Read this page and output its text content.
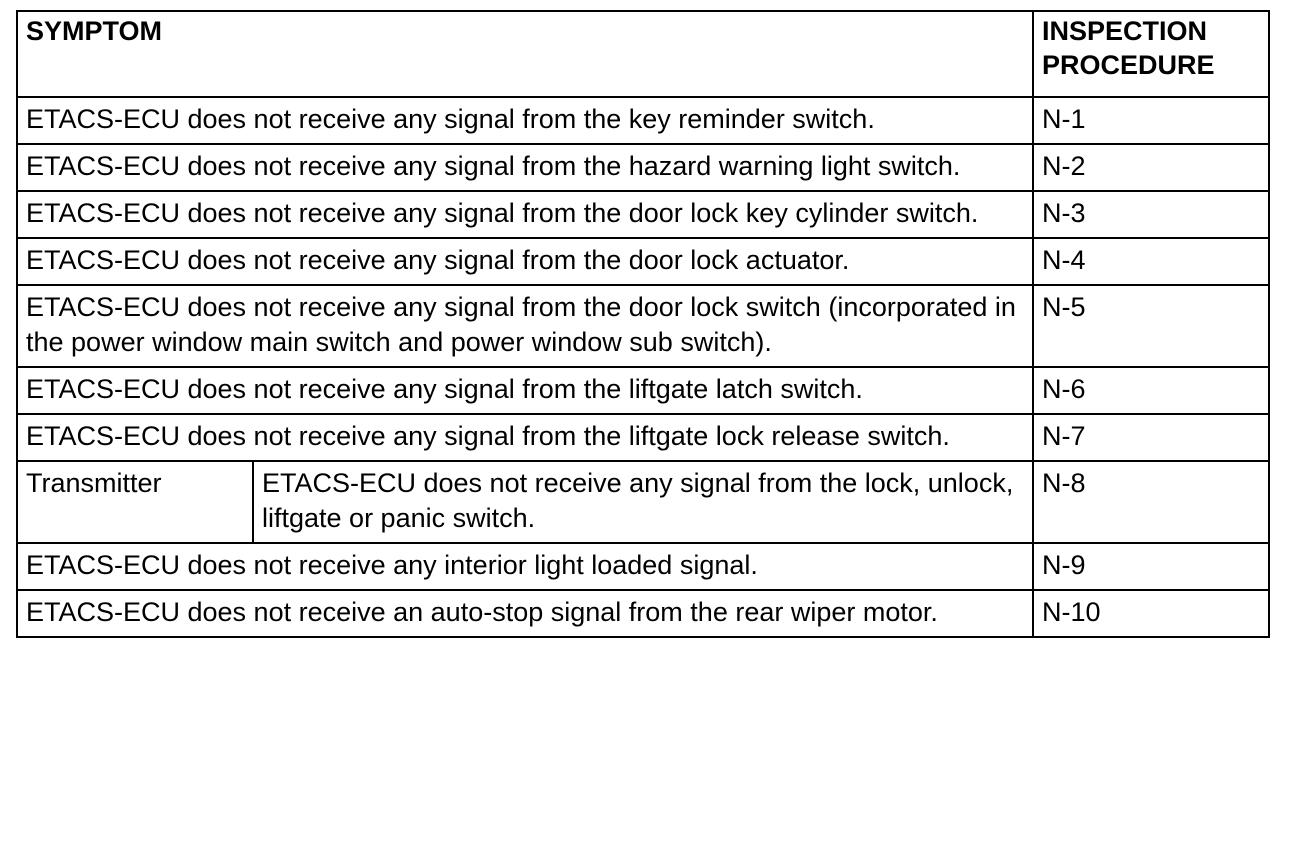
SYMPTOM		INSPECTION PROCEDURE
ETACS-ECU does not receive any signal from the key reminder switch.		N-1
ETACS-ECU does not receive any signal from the hazard warning light switch.		N-2
ETACS-ECU does not receive any signal from the door lock key cylinder switch.		N-3
ETACS-ECU does not receive any signal from the door lock actuator.		N-4
ETACS-ECU does not receive any signal from the door lock switch (incorporated in the power window main switch and power window sub switch).		N-5
ETACS-ECU does not receive any signal from the liftgate latch switch.		N-6
ETACS-ECU does not receive any signal from the liftgate lock release switch.		N-7
Transmitter	ETACS-ECU does not receive any signal from the lock, unlock, liftgate or panic switch.	N-8
ETACS-ECU does not receive any interior light loaded signal.		N-9
ETACS-ECU does not receive an auto-stop signal from the rear wiper motor.		N-10
